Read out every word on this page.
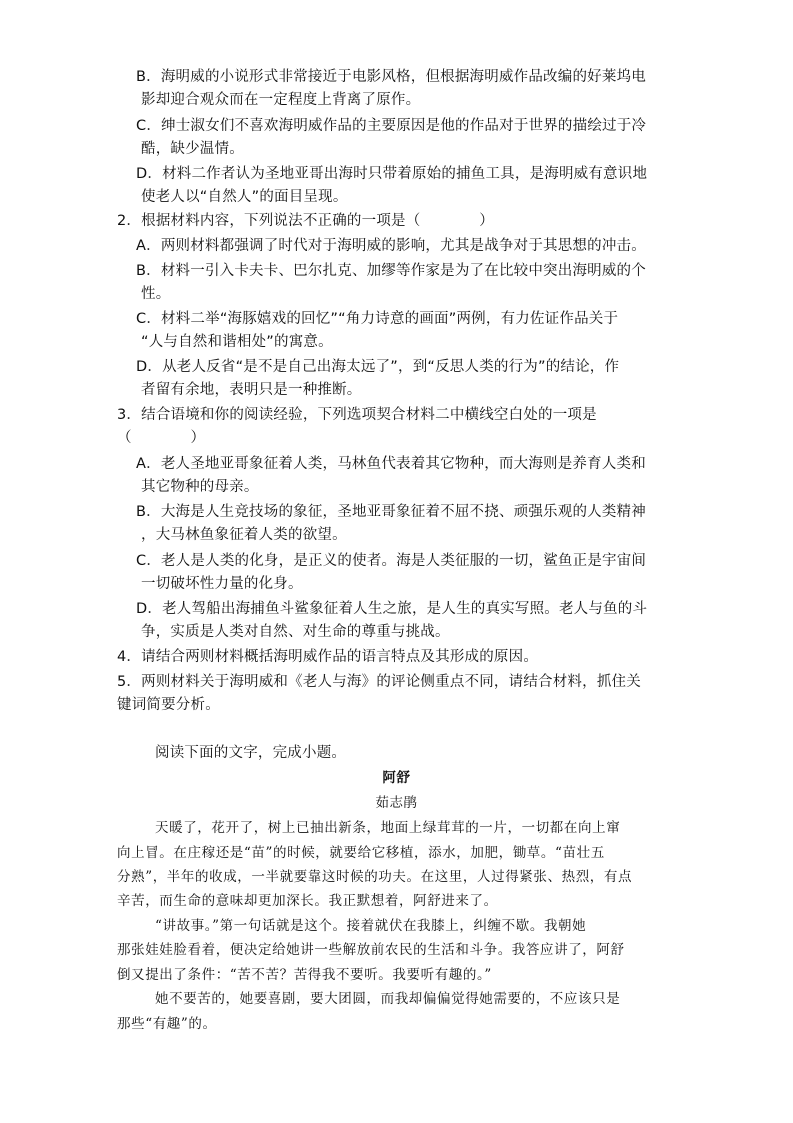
B．海明威的小说形式非常接近于电影风格，但根据海明威作品改编的好莱坞电
影却迎合观众而在一定程度上背离了原作。
C．绅士淑女们不喜欢海明威作品的主要原因是他的作品对于世界的描绘过于冷
酷，缺少温情。
D．材料二作者认为圣地亚哥出海时只带着原始的捕鱼工具，是海明威有意识地
使老人以“自然人”的面目呈现。
2．根据材料内容，下列说法不正确的一项是（　　　　）
A．两则材料都强调了时代对于海明威的影响，尤其是战争对于其思想的冲击。
B．材料一引入卡夫卡、巴尔扎克、加缪等作家是为了在比较中突出海明威的个
性。
C．材料二举“海豚嬉戏的回忆”“角力诗意的画面”两例，有力佐证作品关于
“人与自然和谐相处”的寓意。
D．从老人反省“是不是自己出海太远了”，到“反思人类的行为”的结论，作
者留有余地，表明只是一种推断。
3．结合语境和你的阅读经验，下列选项契合材料二中横线空白处的一项是
（　　　　）
A．老人圣地亚哥象征着人类，马林鱼代表着其它物种，而大海则是养育人类和
其它物种的母亲。
B．大海是人生竞技场的象征，圣地亚哥象征着不屈不挠、顽强乐观的人类精神
，大马林鱼象征着人类的欲望。
C．老人是人类的化身，是正义的使者。海是人类征服的一切，鲨鱼正是宇宙间
一切破坏性力量的化身。
D．老人驾船出海捕鱼斗鲨象征着人生之旅，是人生的真实写照。老人与鱼的斗
争，实质是人类对自然、对生命的尊重与挑战。
4．请结合两则材料概括海明威作品的语言特点及其形成的原因。
5．两则材料关于海明威和《老人与海》的评论侧重点不同，请结合材料，抓住关
键词简要分析。
阅读下面的文字，完成小题。
阿舒
茹志鹃
天暖了，花开了，树上已抽出新条，地面上绿茸茸的一片，一切都在向上窜
向上冒。在庄稼还是“苗”的时候，就要给它移植，添水，加肥，锄草。“苗壮五
分熟”，半年的收成，一半就要靠这时候的功夫。在这里，人过得紧张、热烈，有点
辛苦，而生命的意味却更加深长。我正默想着，阿舒进来了。
“讲故事。”第一句话就是这个。接着就伏在我膝上，纠缠不歇。我朝她
那张娃娃脸看着，便决定给她讲一些解放前农民的生活和斗争。我答应讲了，阿舒
倒又提出了条件：“苦不苦？苦得我不要听。我要听有趣的。”
她不要苦的，她要喜剧，要大团圆，而我却偏偏觉得她需要的，不应该只是
那些“有趣”的。
